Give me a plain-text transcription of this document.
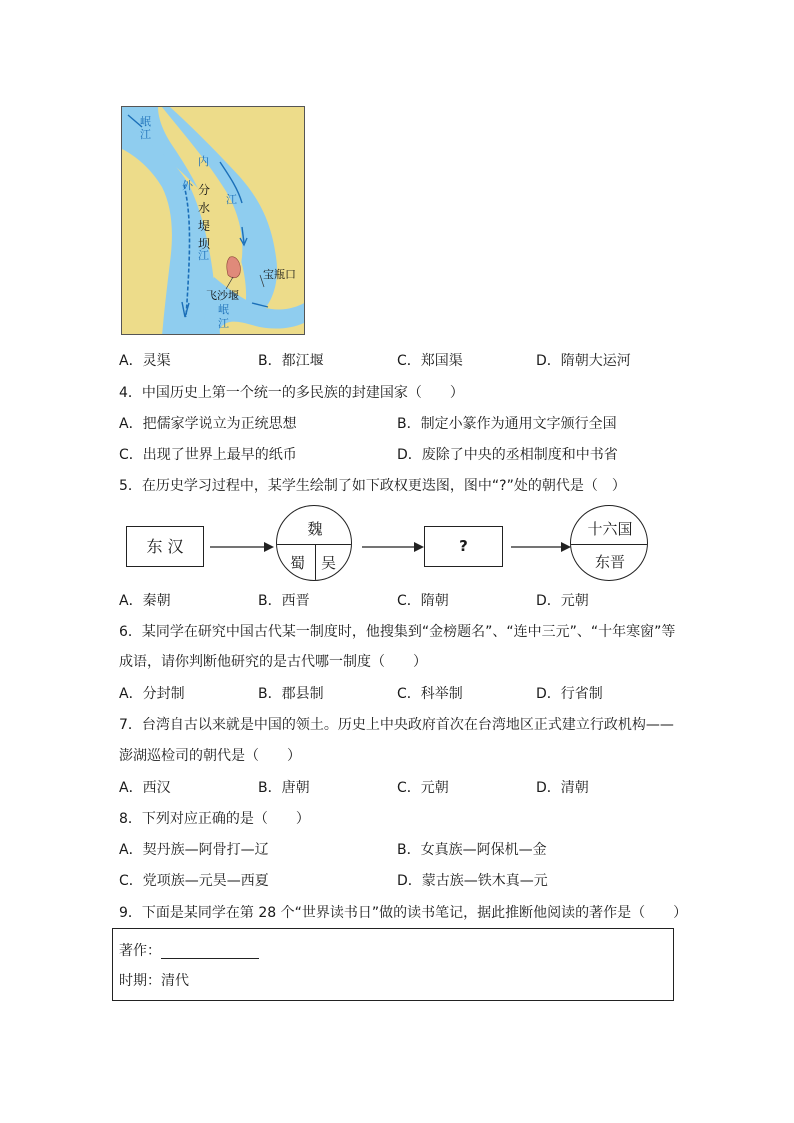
岷江
内
江
外
江
分水堤坝
宝瓶口
飞沙堰
岷江
A．灵渠	B．都江堰	C．郑国渠	D．隋朝大运河
4．中国历史上第一个统一的多民族的封建国家（　　）
A．把儒家学说立为正统思想	B．制定小篆作为通用文字颁行全国
C．出现了世界上最早的纸币	D．废除了中央的丞相制度和中书省
5．在历史学习过程中，某学生绘制了如下政权更迭图，图中“?”处的朝代是（　）
东 汉
魏
蜀 吴
?
十六国
东晋
A．秦朝	B．西晋	C．隋朝	D．元朝
6．某同学在研究中国古代某一制度时，他搜集到“金榜题名”、“连中三元”、“十年寒窗”等
成语，请你判断他研究的是古代哪一制度（　　）
A．分封制	B．郡县制	C．科举制	D．行省制
7．台湾自古以来就是中国的领土。历史上中央政府首次在台湾地区正式建立行政机构——
澎湖巡检司的朝代是（　　）
A．西汉	B．唐朝	C．元朝	D．清朝
8．下列对应正确的是（　　）
A．契丹族—阿骨打—辽	B．女真族—阿保机—金
C．党项族—元昊—西夏	D．蒙古族—铁木真—元
9．下面是某同学在第 28 个“世界读书日”做的读书笔记，据此推断他阅读的著作是（　　）
著作：
时期：清代
